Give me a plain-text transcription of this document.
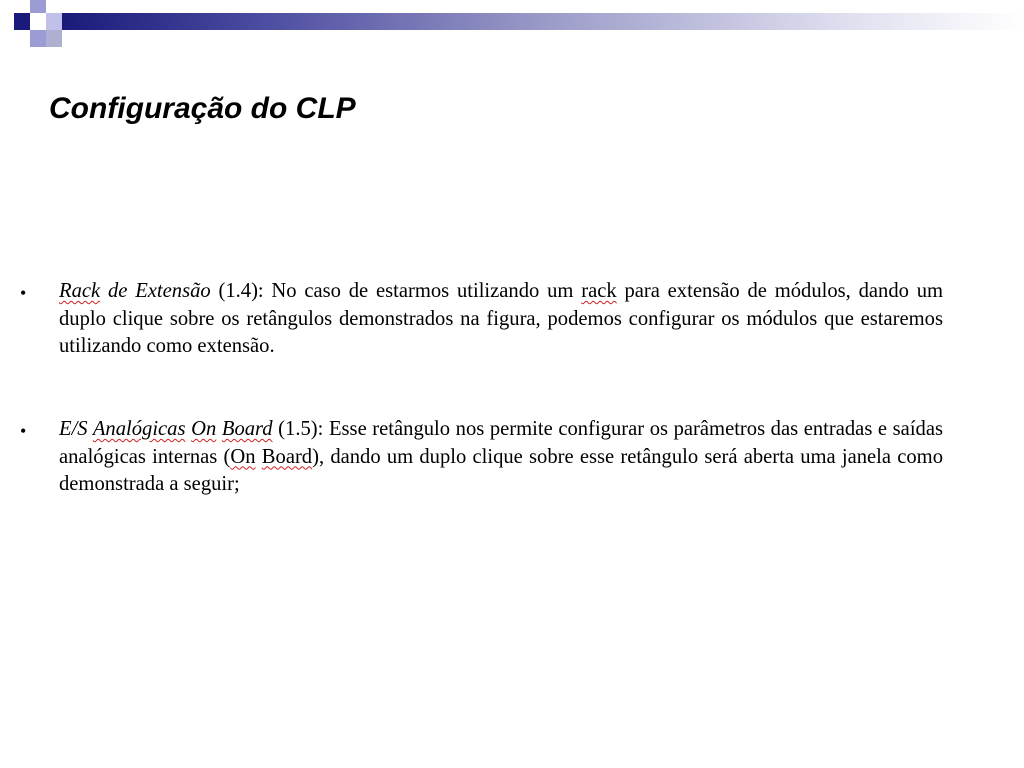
Configuração do CLP
• Rack de Extensão (1.4): No caso de estarmos utilizando um rack para extensão de módulos, dando um duplo clique sobre os retângulos demonstrados na figura, podemos configurar os módulos que estaremos utilizando como extensão.
• E/S Analógicas On Board (1.5): Esse retângulo nos permite configurar os parâmetros das entradas e saídas analógicas internas (On Board), dando um duplo clique sobre esse retângulo será aberta uma janela como demonstrada a seguir;
